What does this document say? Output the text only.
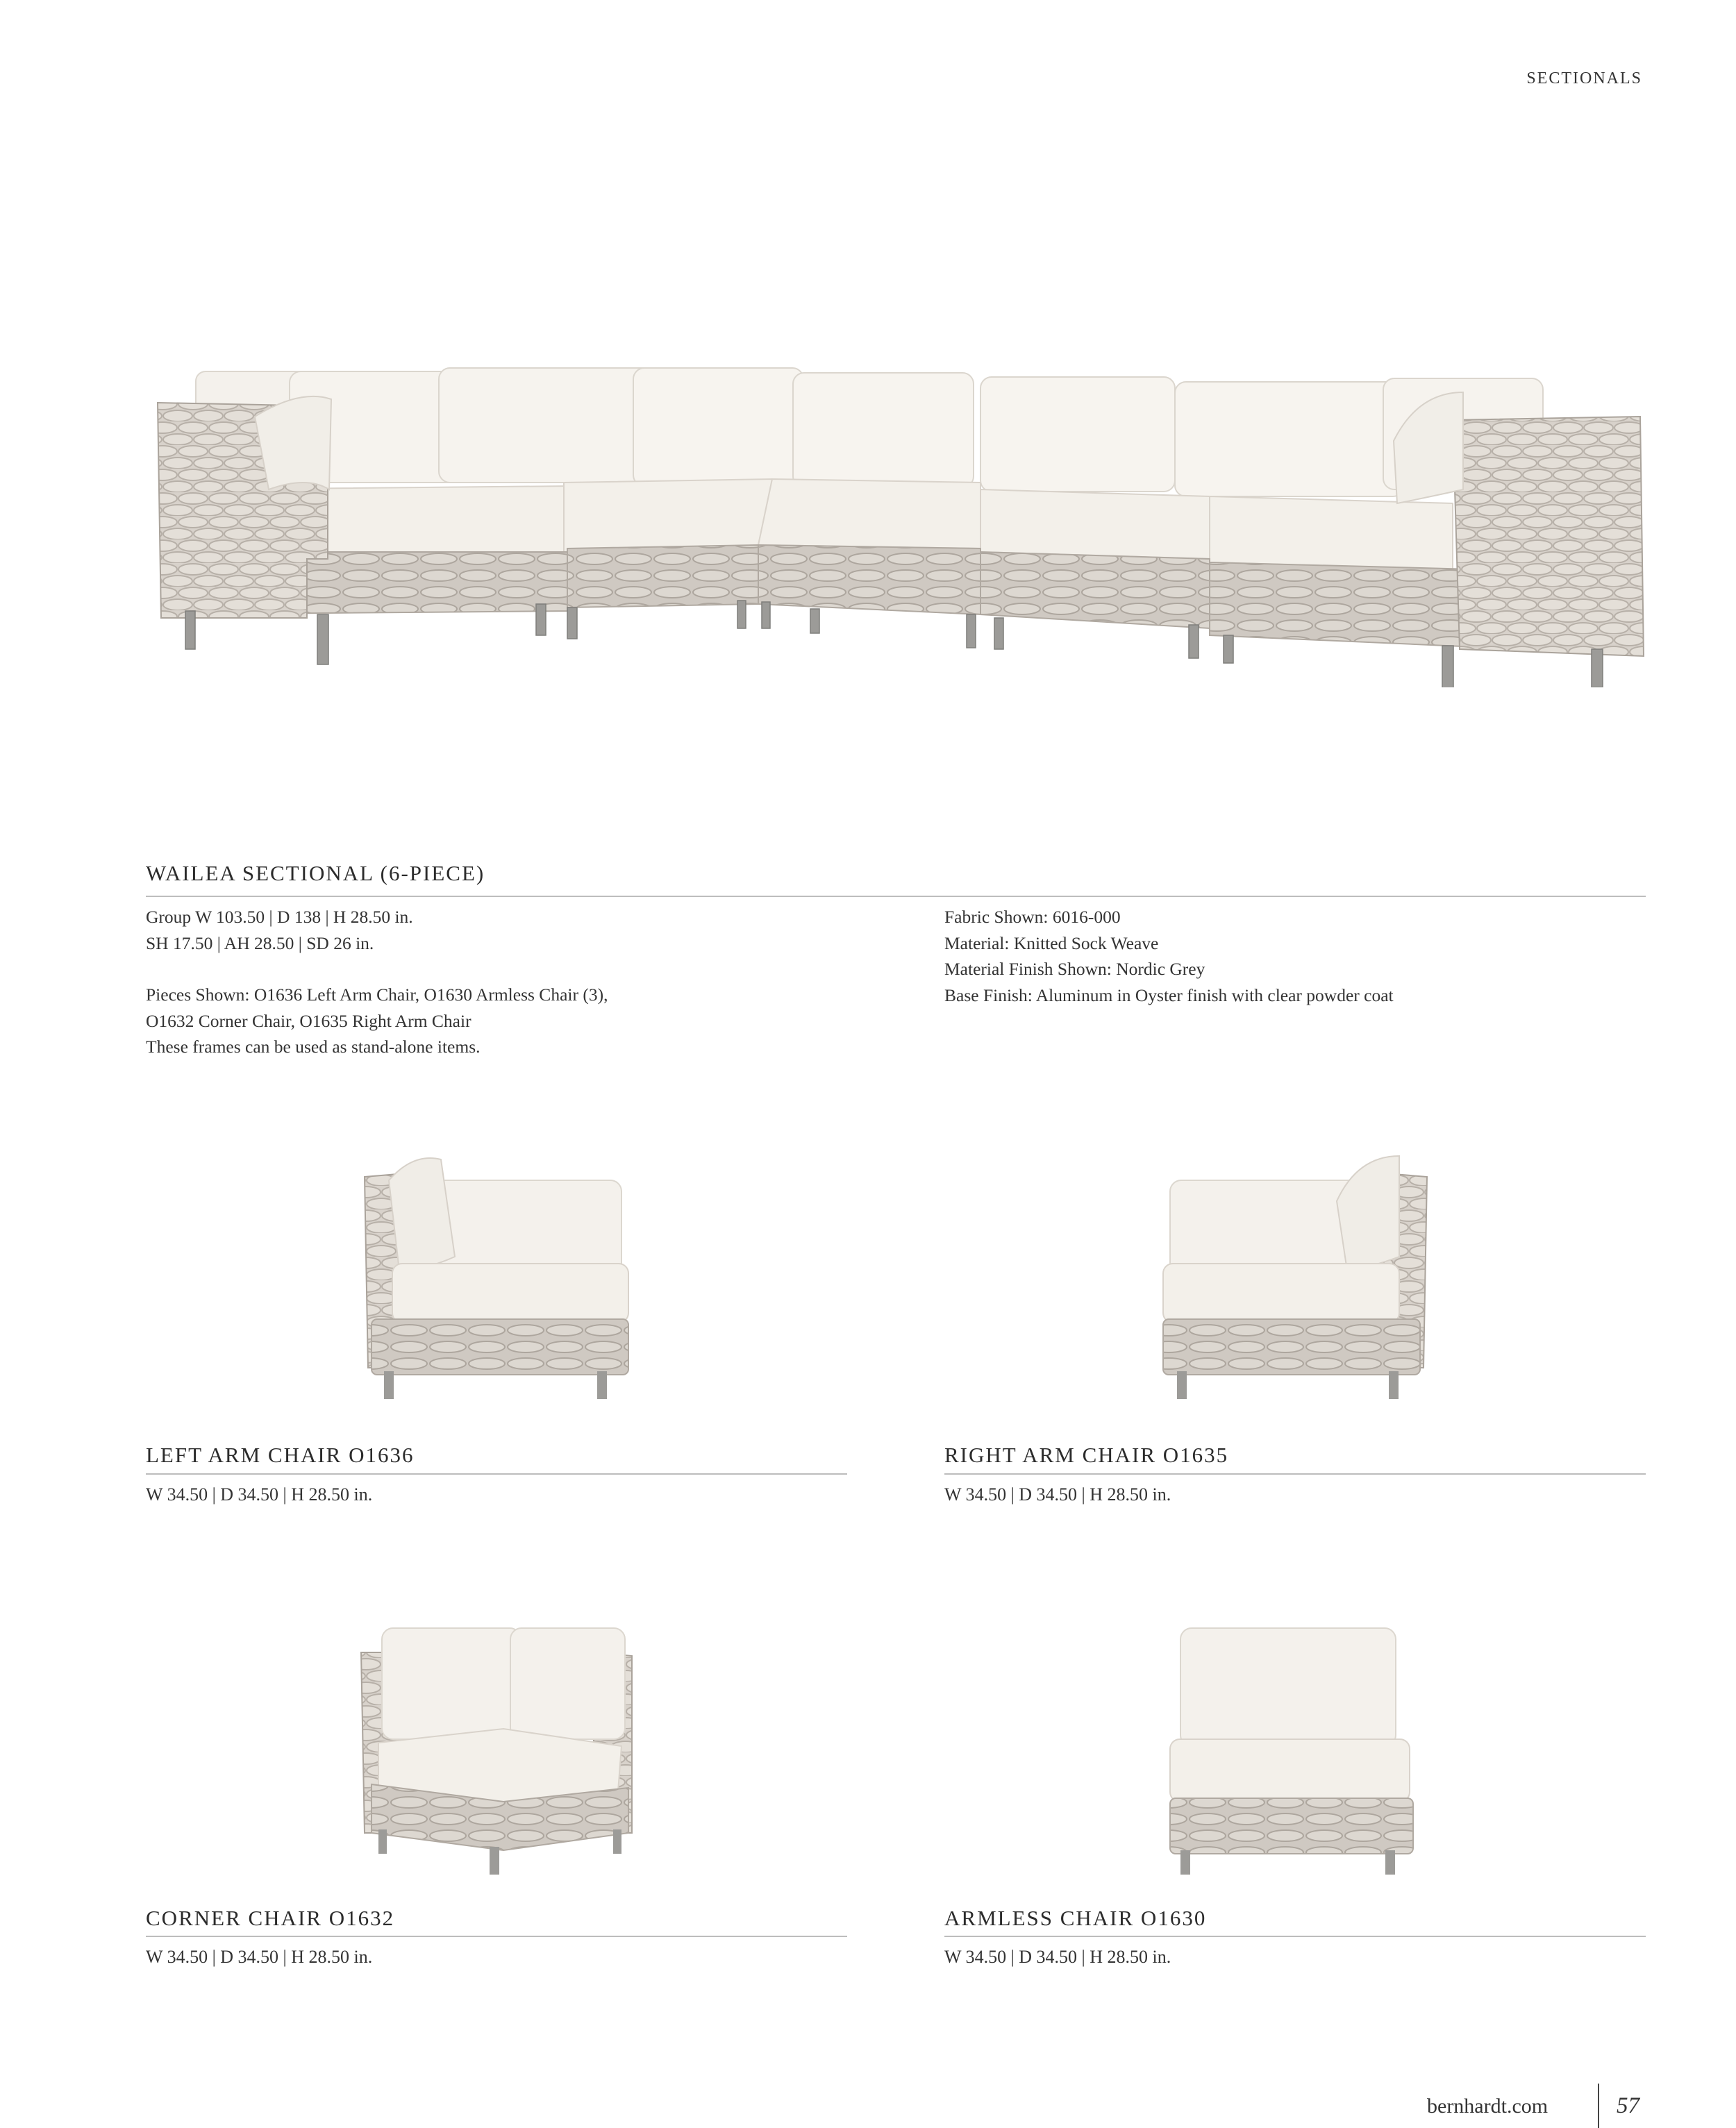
SECTIONALS
WAILEA SECTIONAL (6-PIECE)
Group W 103.50 | D 138 | H 28.50 in.
SH 17.50 | AH 28.50 | SD 26 in.
Pieces Shown: O1636 Left Arm Chair, O1630 Armless Chair (3),
O1632 Corner Chair, O1635 Right Arm Chair
These frames can be used as stand-alone items.
Fabric Shown: 6016-000
Material: Knitted Sock Weave
Material Finish Shown: Nordic Grey
Base Finish: Aluminum in Oyster finish with clear powder coat
LEFT ARM CHAIR O1636
W 34.50 | D 34.50 | H 28.50 in.
RIGHT ARM CHAIR O1635
W 34.50 | D 34.50 | H 28.50 in.
CORNER CHAIR O1632
W 34.50 | D 34.50 | H 28.50 in.
ARMLESS CHAIR O1630
W 34.50 | D 34.50 | H 28.50 in.
bernhardt.com	57
